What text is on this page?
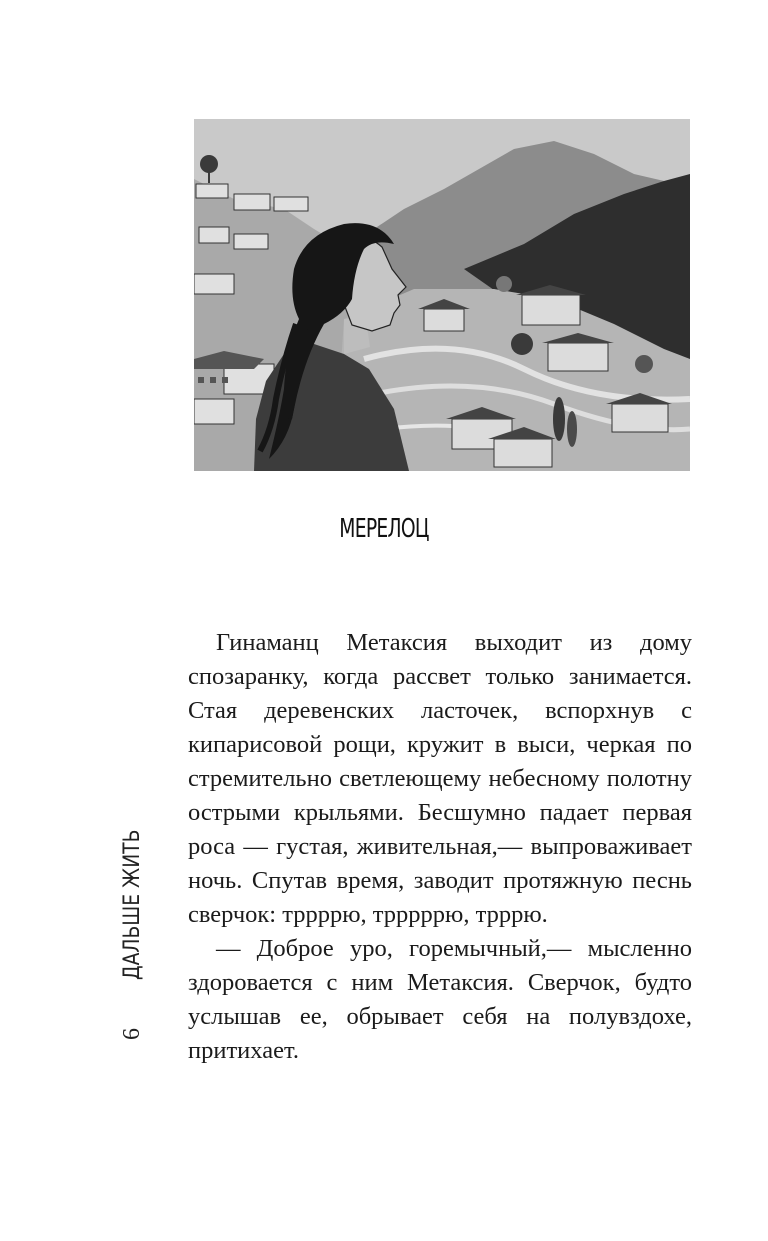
МЕРЕЛОЦ

Гинаманц Метаксия выходит из дому спозаранку, когда рассвет только занимается. Стая деревенских ласточек, вспорхнув с кипарисовой рощи, кружит в выси, черкая по стремительно светлеющему небесному полотну острыми крыльями. Бесшумно падает первая роса — густая, живительная,— выпроваживает ночь. Спутав время, заводит протяжную песнь сверчок: тррррю, трррррю, трррю.

— Доброе уро, горемычный,— мысленно здоровается с ним Метаксия. Сверчок, будто услышав ее, обрывает себя на полувздохе, притихает.

6
ДАЛЬШЕ ЖИТЬ
